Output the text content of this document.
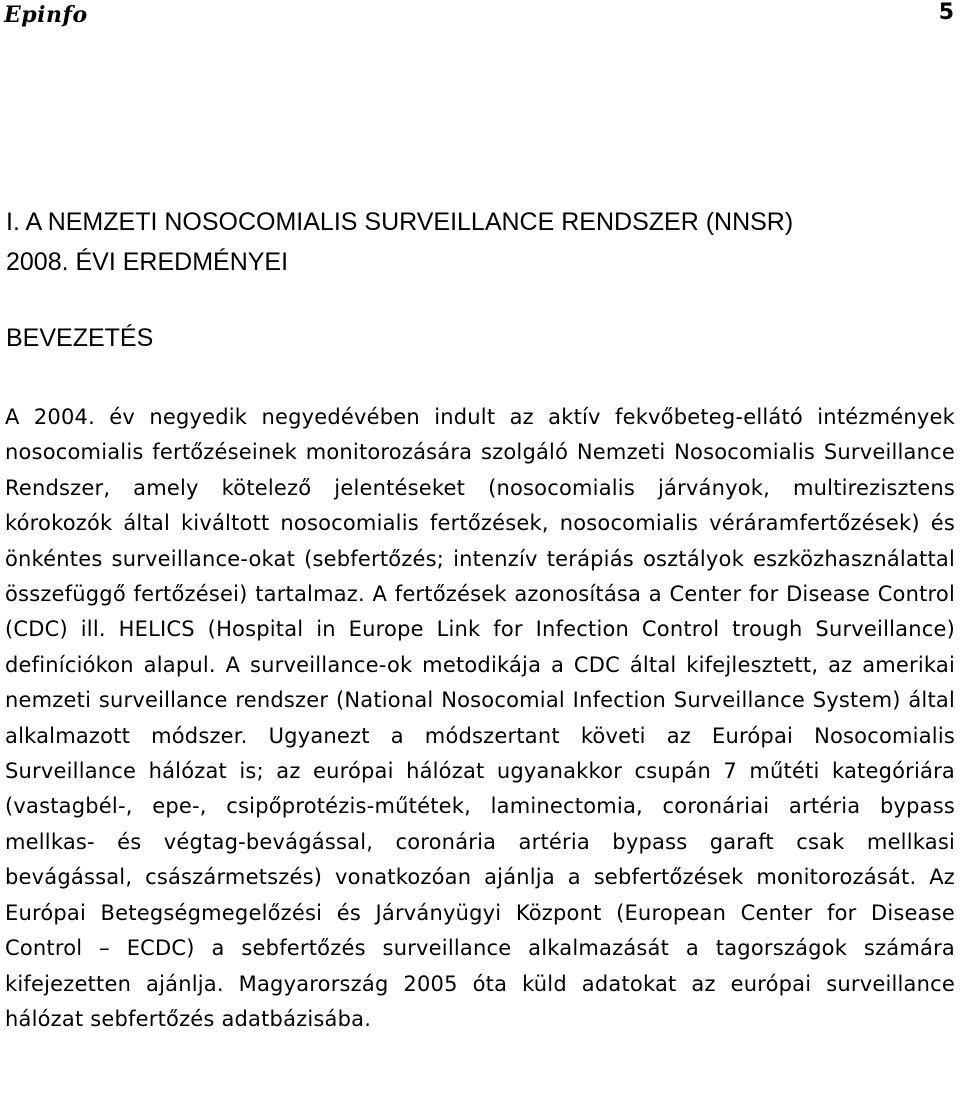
Epinfo	5
I. A NEMZETI NOSOCOMIALIS SURVEILLANCE RENDSZER (NNSR)
2008. ÉVI EREDMÉNYEI
BEVEZETÉS

A 2004. év negyedik negyedévében indult az aktív fekvőbeteg-ellátó intézmények nosocomialis fertőzéseinek monitorozására szolgáló Nemzeti Nosocomialis Surveillance Rendszer, amely kötelező jelentéseket (nosocomialis járványok, multirezisztens kórokozók által kiváltott nosocomialis fertőzések, nosocomialis véráramfertőzések) és önkéntes surveillance-okat (sebfertőzés; intenzív terápiás osztályok eszközhasználattal összefüggő fertőzései) tartalmaz. A fertőzések azonosítása a Center for Disease Control (CDC) ill. HELICS (Hospital in Europe Link for Infection Control trough Surveillance) definíciókon alapul. A surveillance-ok metodikája a CDC által kifejlesztett, az amerikai nemzeti surveillance rendszer (National Nosocomial Infection Surveillance System) által alkalmazott módszer. Ugyanezt a módszertant követi az Európai Nosocomialis Surveillance hálózat is; az európai hálózat ugyanakkor csupán 7 műtéti kategóriára (vastagbél-, epe-, csipőprotézis-műtétek, laminectomia, coronáriai artéria bypass mellkas- és végtag-bevágással, coronária artéria bypass garaft csak mellkasi bevágással, császármetszés) vonatkozóan ajánlja a sebfertőzések monitorozását. Az Európai Betegségmegelőzési és Járványügyi Központ (European Center for Disease Control – ECDC) a sebfertőzés surveillance alkalmazását a tagországok számára kifejezetten ajánlja. Magyarország 2005 óta küld adatokat az európai surveillance hálózat sebfertőzés adatbázisába.
